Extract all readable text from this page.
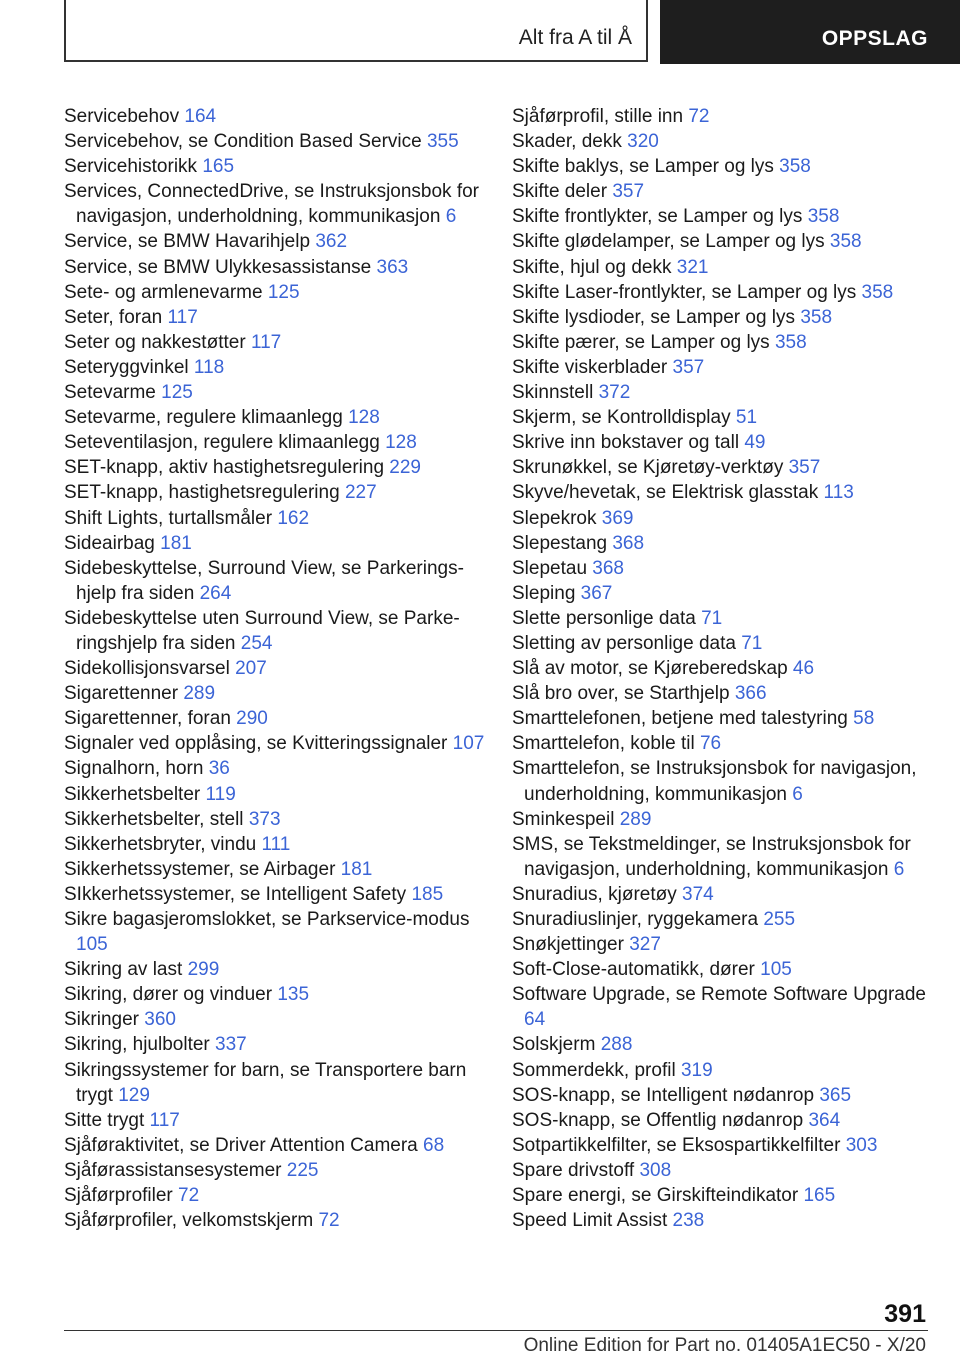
Alt fra A til Å	OPPSLAG
Servicebehov 164
Servicebehov, se Condition Based Service 355
Servicehistorikk 165
Services, ConnectedDrive, se Instruksjonsbok for navigasjon, underholdning, kommunikasjon 6
Service, se BMW Havarihjelp 362
Service, se BMW Ulykkesassistanse 363
Sete- og armlenevarme 125
Seter, foran 117
Seter og nakkestøtter 117
Seteryggvinkel 118
Setevarme 125
Setevarme, regulere klimaanlegg 128
Seteventilasjon, regulere klimaanlegg 128
SET-knapp, aktiv hastighetsregulering 229
SET-knapp, hastighetsregulering 227
Shift Lights, turtallsmåler 162
Sideairbag 181
Sidebeskyttelse, Surround View, se Parkeringshjelp fra siden 264
Sidebeskyttelse uten Surround View, se Parkeringshjelp fra siden 254
Sidekollisjonsvarsel 207
Sigarettenner 289
Sigarettenner, foran 290
Signaler ved opplåsing, se Kvitteringssignaler 107
Signalhorn, horn 36
Sikkerhetsbelter 119
Sikkerhetsbelter, stell 373
Sikkerhetsbryter, vindu 111
Sikkerhetssystemer, se Airbager 181
SIkkerhetssystemer, se Intelligent Safety 185
Sikre bagasjeromslokket, se Parkservice-modus 105
Sikring av last 299
Sikring, dører og vinduer 135
Sikringer 360
Sikring, hjulbolter 337
Sikringssystemer for barn, se Transportere barn trygt 129
Sitte trygt 117
Sjåføraktivitet, se Driver Attention Camera 68
Sjåførassistansesystemer 225
Sjåførprofiler 72
Sjåførprofiler, velkomstskjerm 72
Sjåførprofil, stille inn 72
Skader, dekk 320
Skifte baklys, se Lamper og lys 358
Skifte deler 357
Skifte frontlykter, se Lamper og lys 358
Skifte glødelamper, se Lamper og lys 358
Skifte, hjul og dekk 321
Skifte Laser-frontlykter, se Lamper og lys 358
Skifte lysdioder, se Lamper og lys 358
Skifte pærer, se Lamper og lys 358
Skifte viskerblader 357
Skinnstell 372
Skjerm, se Kontrolldisplay 51
Skrive inn bokstaver og tall 49
Skrunøkkel, se Kjøretøy-verktøy 357
Skyve/hevetak, se Elektrisk glasstak 113
Slepekrok 369
Slepestang 368
Slepetau 368
Sleping 367
Slette personlige data 71
Sletting av personlige data 71
Slå av motor, se Kjøreberedskap 46
Slå bro over, se Starthjelp 366
Smarttelefonen, betjene med talestyring 58
Smarttelefon, koble til 76
Smarttelefon, se Instruksjonsbok for navigasjon, underholdning, kommunikasjon 6
Sminkespeil 289
SMS, se Tekstmeldinger, se Instruksjonsbok for navigasjon, underholdning, kommunikasjon 6
Snuradius, kjøretøy 374
Snuradiuslinjer, ryggekamera 255
Snøkjettinger 327
Soft-Close-automatikk, dører 105
Software Upgrade, se Remote Software Upgrade 64
Solskjerm 288
Sommerdekk, profil 319
SOS-knapp, se Intelligent nødanrop 365
SOS-knapp, se Offentlig nødanrop 364
Sotpartikkelfilter, se Eksospartikkelfilter 303
Spare drivstoff 308
Spare energi, se Girskifteindikator 165
Speed Limit Assist 238
391
Online Edition for Part no. 01405A1EC50 - X/20
